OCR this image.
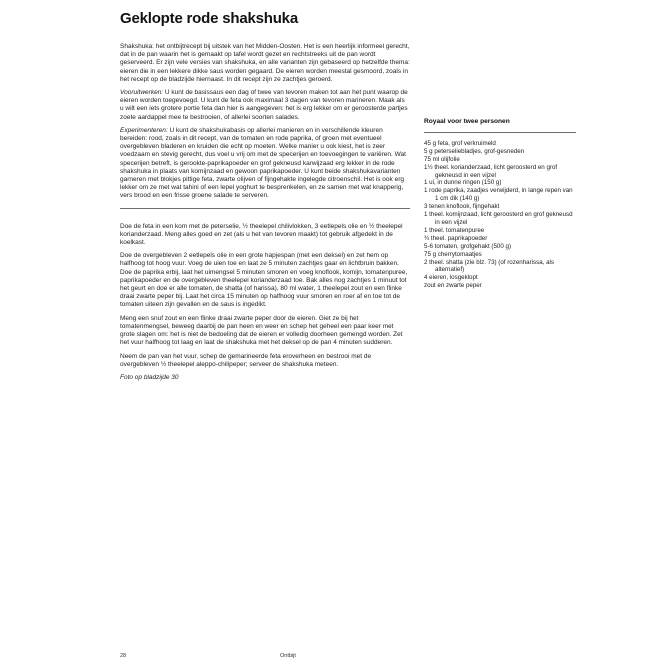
Geklopte rode shakshuka

Shakshuka: het ontbijtrecept bij uitstek van het Midden-Oosten. Het is een heerlijk informeel gerecht, dat in de pan waarin het is gemaakt op tafel wordt gezet en rechtstreeks uit de pan wordt geserveerd. Er zijn vele versies van shakshuka, en alle varianten zijn gebaseerd op hetzelfde thema: eieren die in een lekkere dikke saus worden gegaard. De eieren worden meestal gesmoord, zoals in het recept op de bladzijde hiernaast. In dit recept zijn ze zachtjes geroerd.

Vooruitwerken: U kunt de basissaus een dag of twee van tevoren maken tot aan het punt waarop de eieren worden toegevoegd. U kunt de feta ook maximaal 3 dagen van tevoren marineren. Maak als u wilt een iets grotere portie feta dan hier is aangegeven: het is erg lekker om er geroosterde partjes zoete aardappel mee te bestrooien, of allerlei soorten salades.

Experimenteren: U kunt de shakshukabasis op allerlei manieren en in verschillende kleuren bereiden: rood, zoals in dit recept, van de tomaten en rode paprika, of groen met eventueel overgebleven bladeren en kruiden die echt op moeten. Welke manier u ook kiest, het is zeer voedzaam en stevig gerecht, dus voel u vrij om met de specerijen en toevoegingen te variëren. Wat specerijen betreft, is gerookte-paprikapoeder en grof gekneusd karwijzaad erg lekker in de rode shakshuka in plaats van komijnzaad en gewoon paprikapoeder. U kunt beide shakshukavarianten garneren met blokjes pittige feta, zwarte olijven of fijngehakte ingelegde citroenschil. Het is ook erg lekker om ze met wat tahini of een lepel yoghurt te besprenkelen, en ze samen met wat knapperig, vers brood en een frisse groene salade te serveren.

Doe de feta in een kom met de peterselie, ½ theelepel chilivlokken, 3 eetlepels olie en ½ theelepel korianderzaad. Meng alles goed en zet (als u het van tevoren maakt) tot gebruik afgedekt in de koelkast.

Doe de overgebleven 2 eetlepels olie in een grote hapjespan (met een deksel) en zet hem op halfhoog tot hoog vuur. Voeg de uien toe en laat ze 5 minuten zachtjes gaar en lichtbruin bakken. Doe de paprika erbij, laat het uimengsel 5 minuten smoren en voeg knoflook, komijn, tomatenpuree, paprikapoeder en de overgebleven theelepel korianderzaad toe. Bak alles nog zachtjes 1 minuut tot het geurt en doe er alle tomaten, de shatta (of harissa), 80 ml water, 1 theelepel zout en een flinke draai zwarte peper bij. Laat het circa 15 minuten op halfhoog vuur smoren en roer af en toe tot de tomaten uiteen zijn gevallen en de saus is ingedikt.

Meng een snuf zout en een flinke draai zwarte peper door de eieren. Giet ze bij het tomatenmengsel, beweeg daarbij de pan heen en weer en schep het geheel een paar keer met grote slagen om: het is niet de bedoeling dat de eieren er volledig doorheen gemengd worden. Zet het vuur halfhoog tot laag en laat de shakshuka met het deksel op de pan 4 minuten sudderen.

Neem de pan van het vuur, schep de gemarineerde feta eroverheen en bestrooi met de overgebleven ½ theelepel aleppo-chilipeper; serveer de shakshuka meteen.

Foto op bladzijde 30

Royaal voor twee personen
45 g feta, grof verkruimeld
5 g peterseliebladjes, grof-gesneden
75 ml olijfolie
1½ theel. korianderzaad, licht geroosterd en grof gekneusd in een vijzel
1 ui, in dunne ringen (150 g)
1 rode paprika, zaadjes verwijderd, in lange repen van 1 cm dik (140 g)
3 tenen knoflook, fijngehakt
1 theel. komijnzaad, licht geroosterd en grof gekneusd in een vijzel
1 theel. tomatenpuree
¾ theel. paprikapoeder
5-6 tomaten, grofgehakt (500 g)
75 g cherrytomaatjes
2 theel. shatta (zie blz. 73) (of rozenharissa, als alternatief)
4 eieren, losgeklopt
zout en zwarte peper
28	Ontbijt
